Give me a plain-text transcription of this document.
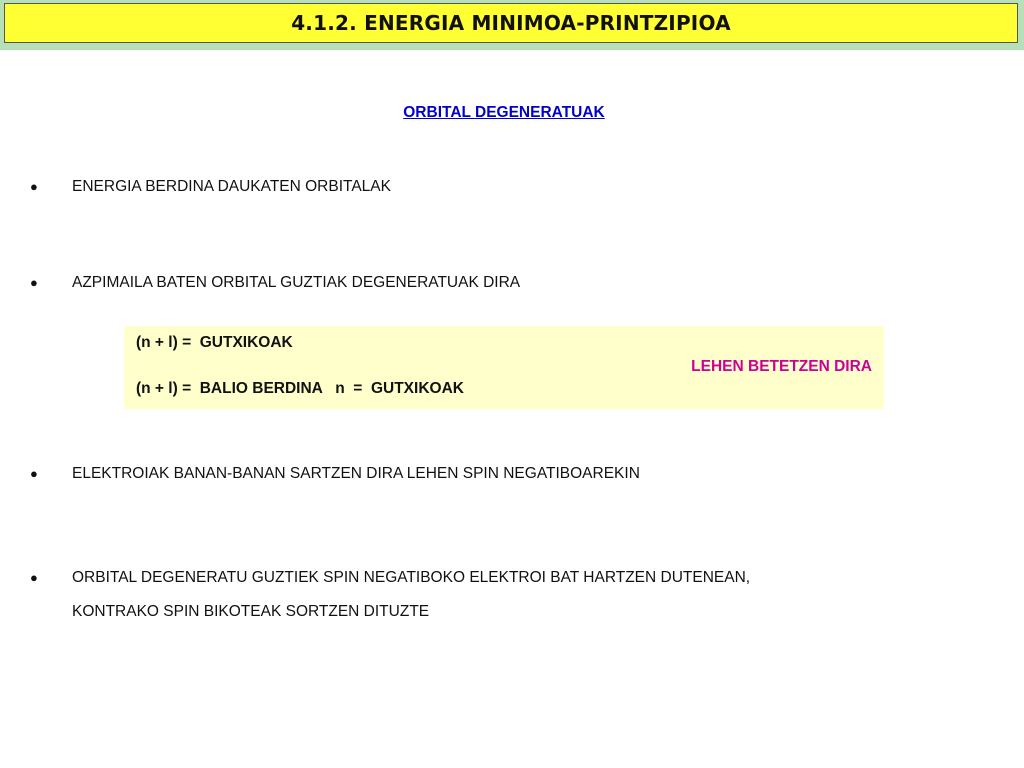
4.1.2. ENERGIA MINIMOA-PRINTZIPIOA
ORBITAL DEGENERATUAK
●	ENERGIA BERDINA DAUKATEN ORBITALAK
●	AZPIMAILA BATEN ORBITAL GUZTIAK DEGENERATUAK DIRA
(n + l) =  GUTXIKOAK
LEHEN BETETZEN DIRA
(n + l) =  BALIO BERDINA   n  =  GUTXIKOAK
●	ELEKTROIAK BANAN-BANAN SARTZEN DIRA LEHEN SPIN NEGATIBOAREKIN
●	ORBITAL DEGENERATU GUZTIEK SPIN NEGATIBOKO ELEKTROI BAT HARTZEN DUTENEAN,
KONTRAKO SPIN BIKOTEAK SORTZEN DITUZTE
